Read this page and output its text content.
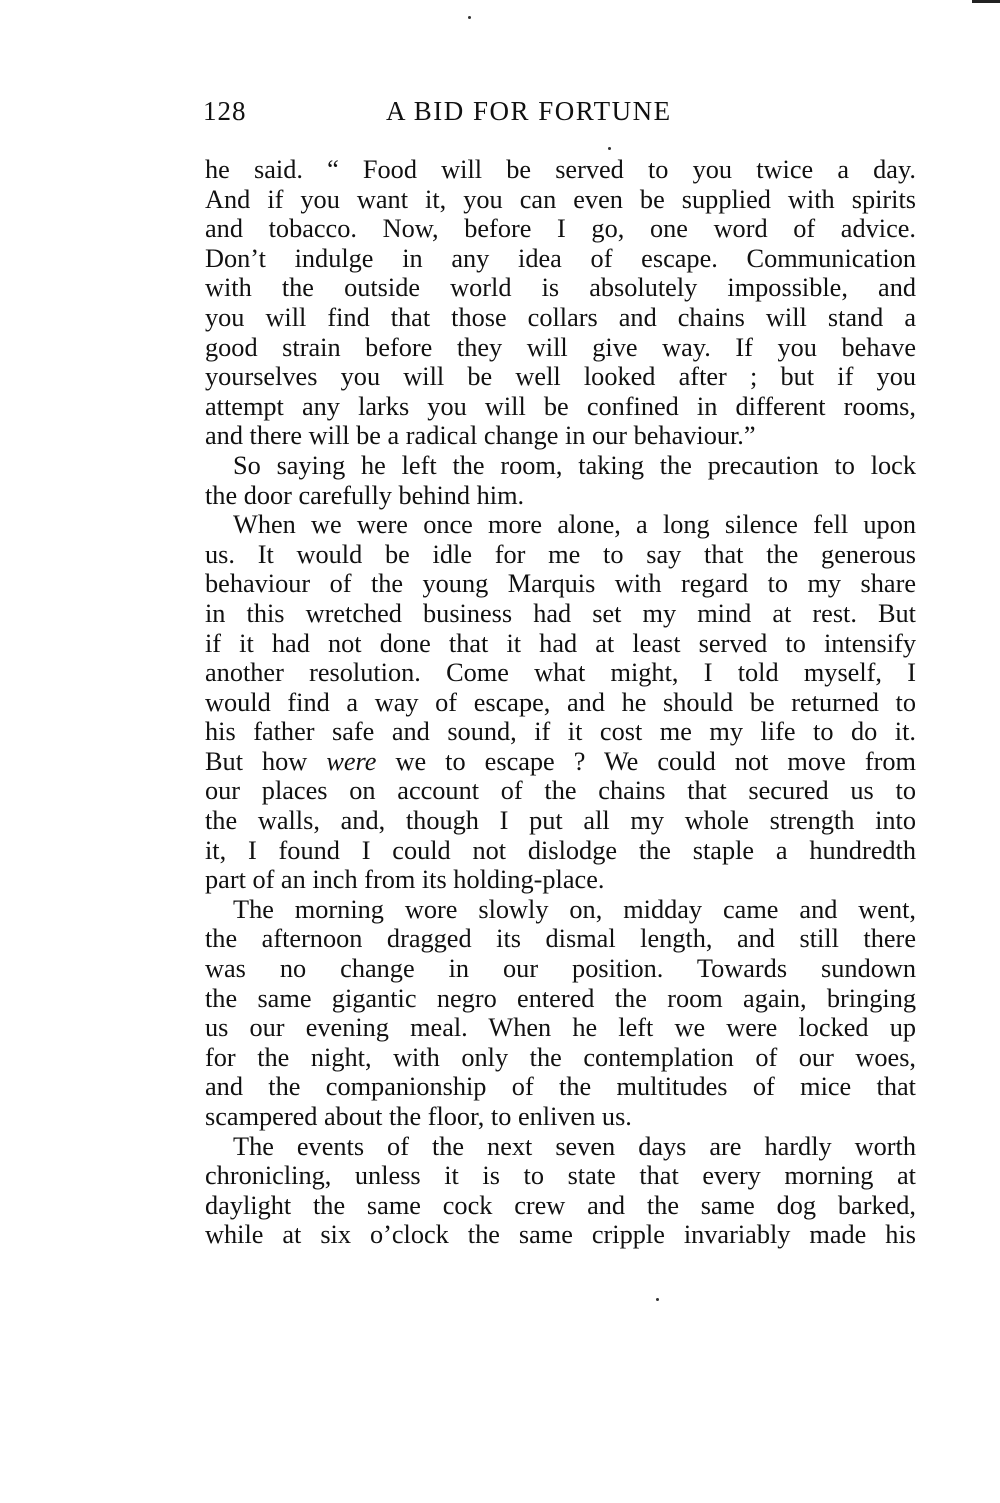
128	A BID FOR FORTUNE
he said. “ Food will be served to you twice a day.
And if you want it, you can even be supplied with spirits
and tobacco. Now, before I go, one word of advice.
Don’t indulge in any idea of escape. Communication
with the outside world is absolutely impossible, and
you will find that those collars and chains will stand a
good strain before they will give way. If you behave
yourselves you will be well looked after ; but if you
attempt any larks you will be confined in different rooms,
and there will be a radical change in our behaviour.”
So saying he left the room, taking the precaution to lock
the door carefully behind him.
When we were once more alone, a long silence fell upon
us. It would be idle for me to say that the generous
behaviour of the young Marquis with regard to my share
in this wretched business had set my mind at rest. But
if it had not done that it had at least served to intensify
another resolution. Come what might, I told myself, I
would find a way of escape, and he should be returned to
his father safe and sound, if it cost me my life to do it.
But how were we to escape ? We could not move from
our places on account of the chains that secured us to
the walls, and, though I put all my whole strength into
it, I found I could not dislodge the staple a hundredth
part of an inch from its holding-place.
The morning wore slowly on, midday came and went,
the afternoon dragged its dismal length, and still there
was no change in our position. Towards sundown
the same gigantic negro entered the room again, bringing
us our evening meal. When he left we were locked up
for the night, with only the contemplation of our woes,
and the companionship of the multitudes of mice that
scampered about the floor, to enliven us.
The events of the next seven days are hardly worth
chronicling, unless it is to state that every morning at
daylight the same cock crew and the same dog barked,
while at six o’clock the same cripple invariably made his
